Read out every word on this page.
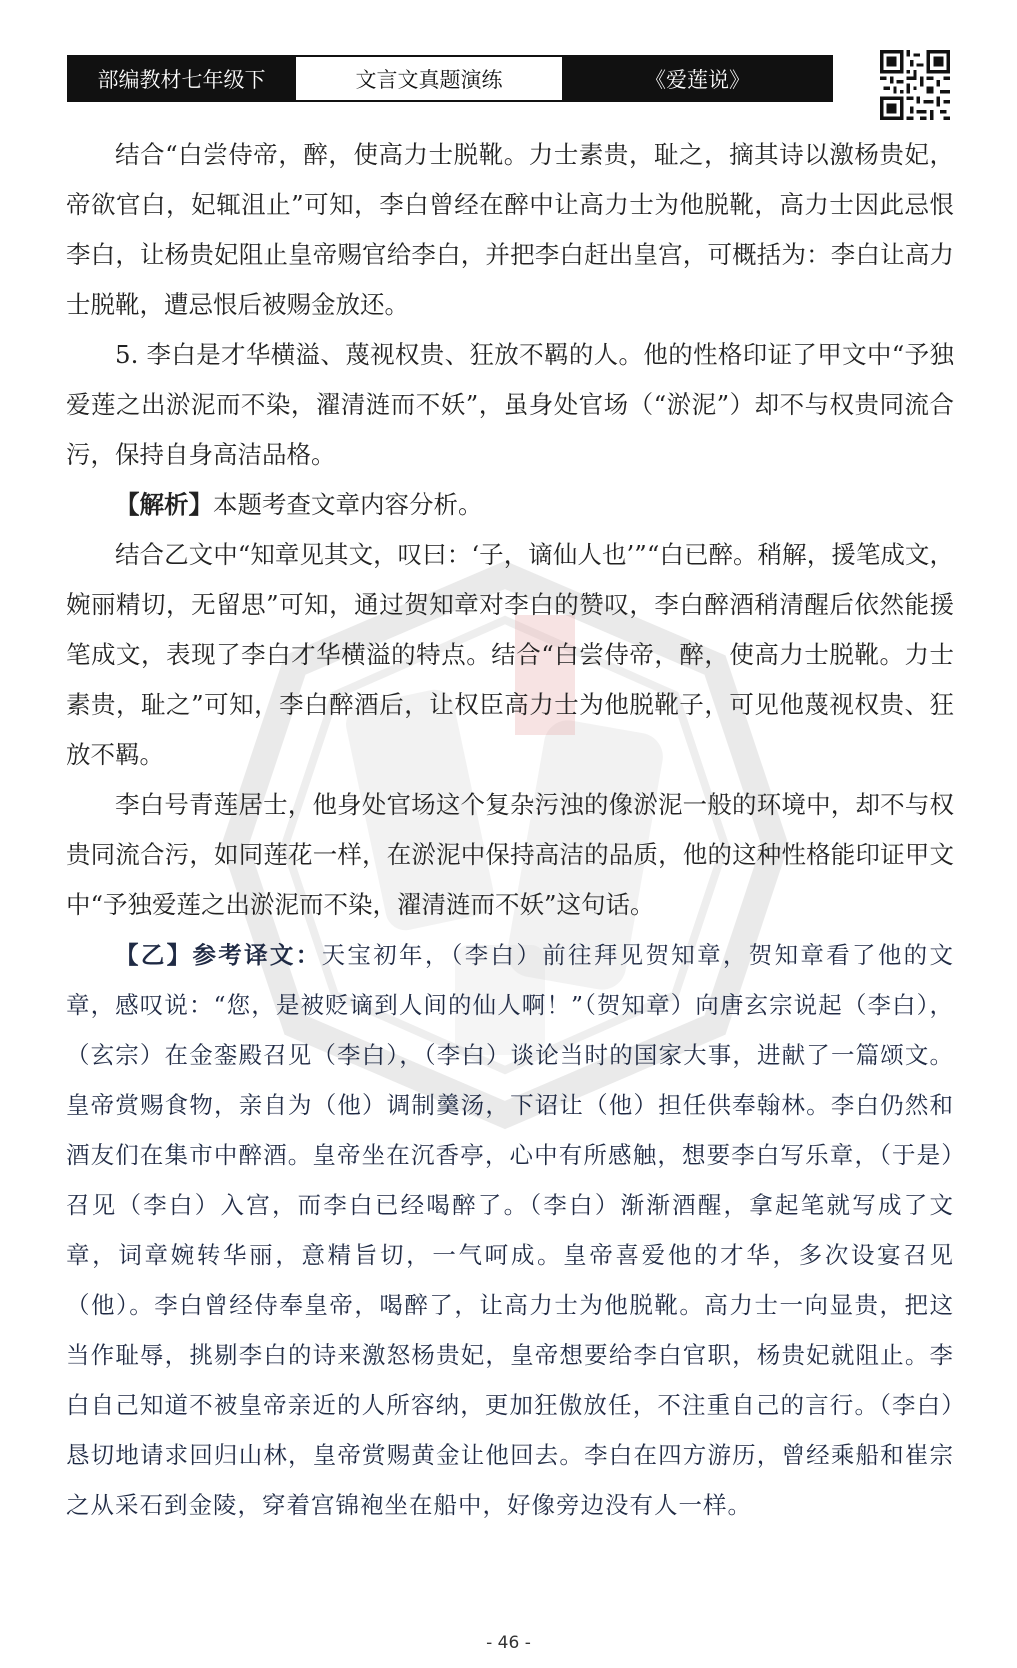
部编教材七年级下	文言文真题演练	《爱莲说》

结合“白尝侍帝，醉，使高力士脱靴。力士素贵，耻之，摘其诗以激杨贵妃，帝欲官白，妃辄沮止”可知，李白曾经在醉中让高力士为他脱靴，高力士因此忌恨李白，让杨贵妃阻止皇帝赐官给李白，并把李白赶出皇宫，可概括为：李白让高力士脱靴，遭忌恨后被赐金放还。

5. 李白是才华横溢、蔑视权贵、狂放不羁的人。他的性格印证了甲文中“予独爱莲之出淤泥而不染，濯清涟而不妖”，虽身处官场（“淤泥”）却不与权贵同流合污，保持自身高洁品格。

【解析】本题考查文章内容分析。

结合乙文中“知章见其文，叹曰：‘子，谪仙人也’”“白已醉。稍解，援笔成文，婉丽精切，无留思”可知，通过贺知章对李白的赞叹，李白醉酒稍清醒后依然能援笔成文，表现了李白才华横溢的特点。结合“白尝侍帝，醉，使高力士脱靴。力士素贵，耻之”可知，李白醉酒后，让权臣高力士为他脱靴子，可见他蔑视权贵、狂放不羁。

李白号青莲居士，他身处官场这个复杂污浊的像淤泥一般的环境中，却不与权贵同流合污，如同莲花一样，在淤泥中保持高洁的品质，他的这种性格能印证甲文中“予独爱莲之出淤泥而不染，濯清涟而不妖”这句话。

【乙】参考译文：天宝初年，（李白）前往拜见贺知章，贺知章看了他的文章，感叹说：“您，是被贬谪到人间的仙人啊！”（贺知章）向唐玄宗说起（李白），（玄宗）在金銮殿召见（李白），（李白）谈论当时的国家大事，进献了一篇颂文。皇帝赏赐食物，亲自为（他）调制羹汤，下诏让（他）担任供奉翰林。李白仍然和酒友们在集市中醉酒。皇帝坐在沉香亭，心中有所感触，想要李白写乐章，（于是）召见（李白）入宫，而李白已经喝醉了。（李白）渐渐酒醒，拿起笔就写成了文章，词章婉转华丽，意精旨切，一气呵成。皇帝喜爱他的才华，多次设宴召见（他）。李白曾经侍奉皇帝，喝醉了，让高力士为他脱靴。高力士一向显贵，把这当作耻辱，挑剔李白的诗来激怒杨贵妃，皇帝想要给李白官职，杨贵妃就阻止。李白自己知道不被皇帝亲近的人所容纳，更加狂傲放任，不注重自己的言行。（李白）恳切地请求回归山林，皇帝赏赐黄金让他回去。李白在四方游历，曾经乘船和崔宗之从采石到金陵，穿着宫锦袍坐在船中，好像旁边没有人一样。

- 46 -
